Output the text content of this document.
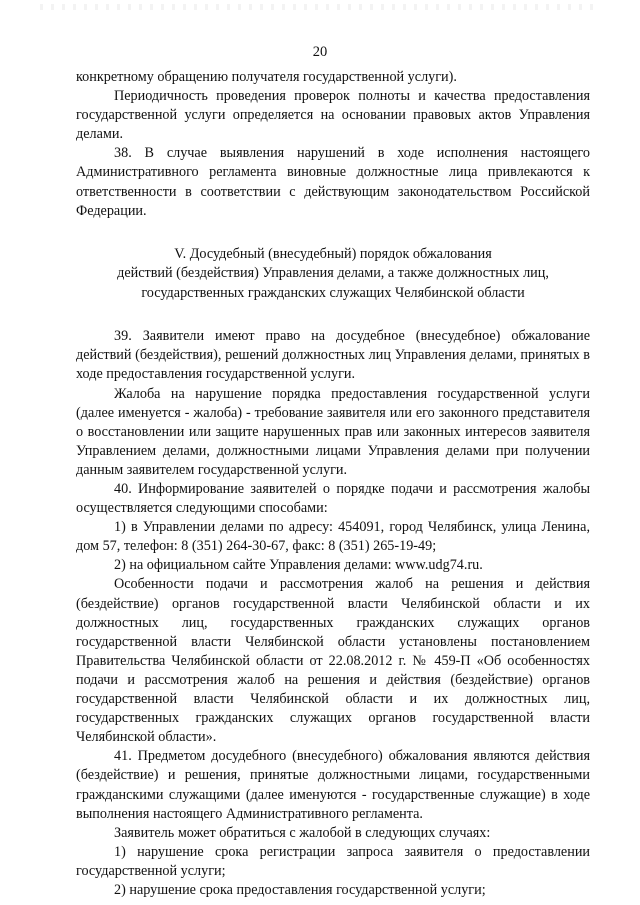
20

конкретному обращению получателя государственной услуги).

Периодичность проведения проверок полноты и качества предоставления государственной услуги определяется на основании правовых актов Управления делами.

38. В случае выявления нарушений в ходе исполнения настоящего Административного регламента виновные должностные лица привлекаются к ответственности в соответствии с действующим законодательством Российской Федерации.

V. Досудебный (внесудебный) порядок обжалования

действий (бездействия) Управления делами, а также должностных лиц,

государственных гражданских служащих Челябинской области

39. Заявители имеют право на досудебное (внесудебное) обжалование действий (бездействия), решений должностных лиц Управления делами, принятых в ходе предоставления государственной услуги.

Жалоба на нарушение порядка предоставления государственной услуги (далее именуется - жалоба) - требование заявителя или его законного представителя о восстановлении или защите нарушенных прав или законных интересов заявителя Управлением делами, должностными лицами Управления делами при получении данным заявителем государственной услуги.

40. Информирование заявителей о порядке подачи и рассмотрения жалобы осуществляется следующими способами:

1) в Управлении делами по адресу: 454091, город Челябинск, улица Ленина, дом 57, телефон: 8 (351) 264-30-67, факс: 8 (351) 265-19-49;

2) на официальном сайте Управления делами: www.udg74.ru.

Особенности подачи и рассмотрения жалоб на решения и действия (бездействие) органов государственной власти Челябинской области и их должностных лиц, государственных гражданских служащих органов государственной власти Челябинской области установлены постановлением Правительства Челябинской области от 22.08.2012 г. № 459-П «Об особенностях подачи и рассмотрения жалоб на решения и действия (бездействие) органов государственной власти Челябинской области и их должностных лиц, государственных гражданских служащих органов государственной власти Челябинской области».

41. Предметом досудебного (внесудебного) обжалования являются действия (бездействие) и решения, принятые должностными лицами, государственными гражданскими служащими (далее именуются - государственные служащие) в ходе выполнения настоящего Административного регламента.

Заявитель может обратиться с жалобой в следующих случаях:

1) нарушение срока регистрации запроса заявителя о предоставлении государственной услуги;

2) нарушение срока предоставления государственной услуги;
